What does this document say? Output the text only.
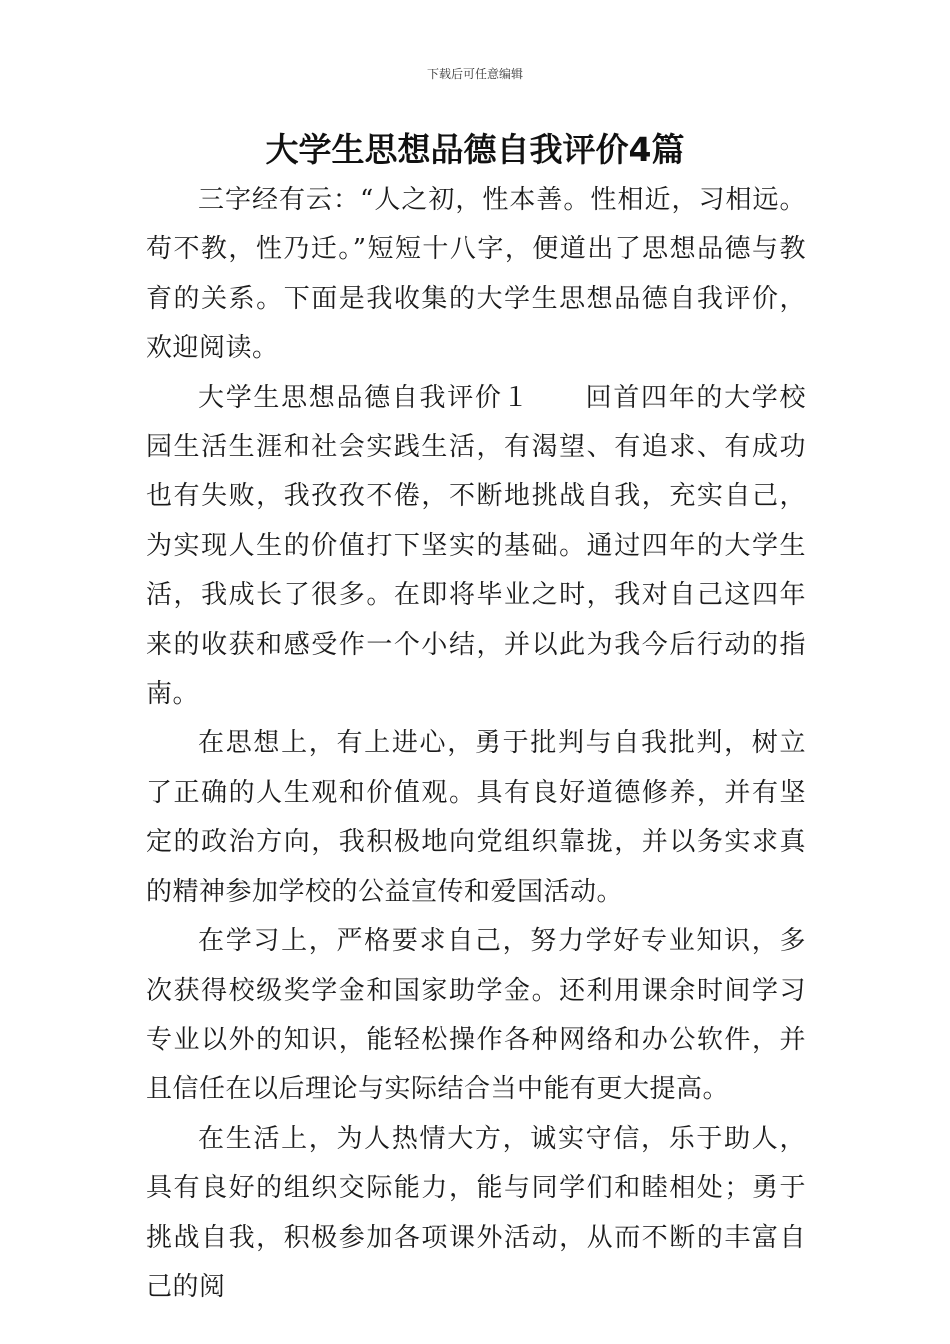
下载后可任意编辑
大学生思想品德自我评价4篇

三字经有云：“人之初，性本善。性相近，习相远。苟不教，性乃迁。”短短十八字，便道出了思想品德与教育的关系。下面是我收集的大学生思想品德自我评价，欢迎阅读。

大学生思想品德自我评价１　　回首四年的大学校园生活生涯和社会实践生活，有渴望、有追求、有成功也有失败，我孜孜不倦，不断地挑战自我，充实自己，为实现人生的价值打下坚实的基础。通过四年的大学生活，我成长了很多。在即将毕业之时，我对自己这四年来的收获和感受作一个小结，并以此为我今后行动的指南。

在思想上，有上进心，勇于批判与自我批判，树立了正确的人生观和价值观。具有良好道德修养，并有坚定的政治方向，我积极地向党组织靠拢，并以务实求真的精神参加学校的公益宣传和爱国活动。

在学习上，严格要求自己，努力学好专业知识，多次获得校级奖学金和国家助学金。还利用课余时间学习专业以外的知识，能轻松操作各种网络和办公软件，并且信任在以后理论与实际结合当中能有更大提高。

在生活上，为人热情大方，诚实守信，乐于助人，具有良好的组织交际能力，能与同学们和睦相处；勇于挑战自我，积极参加各项课外活动，从而不断的丰富自己的阅
